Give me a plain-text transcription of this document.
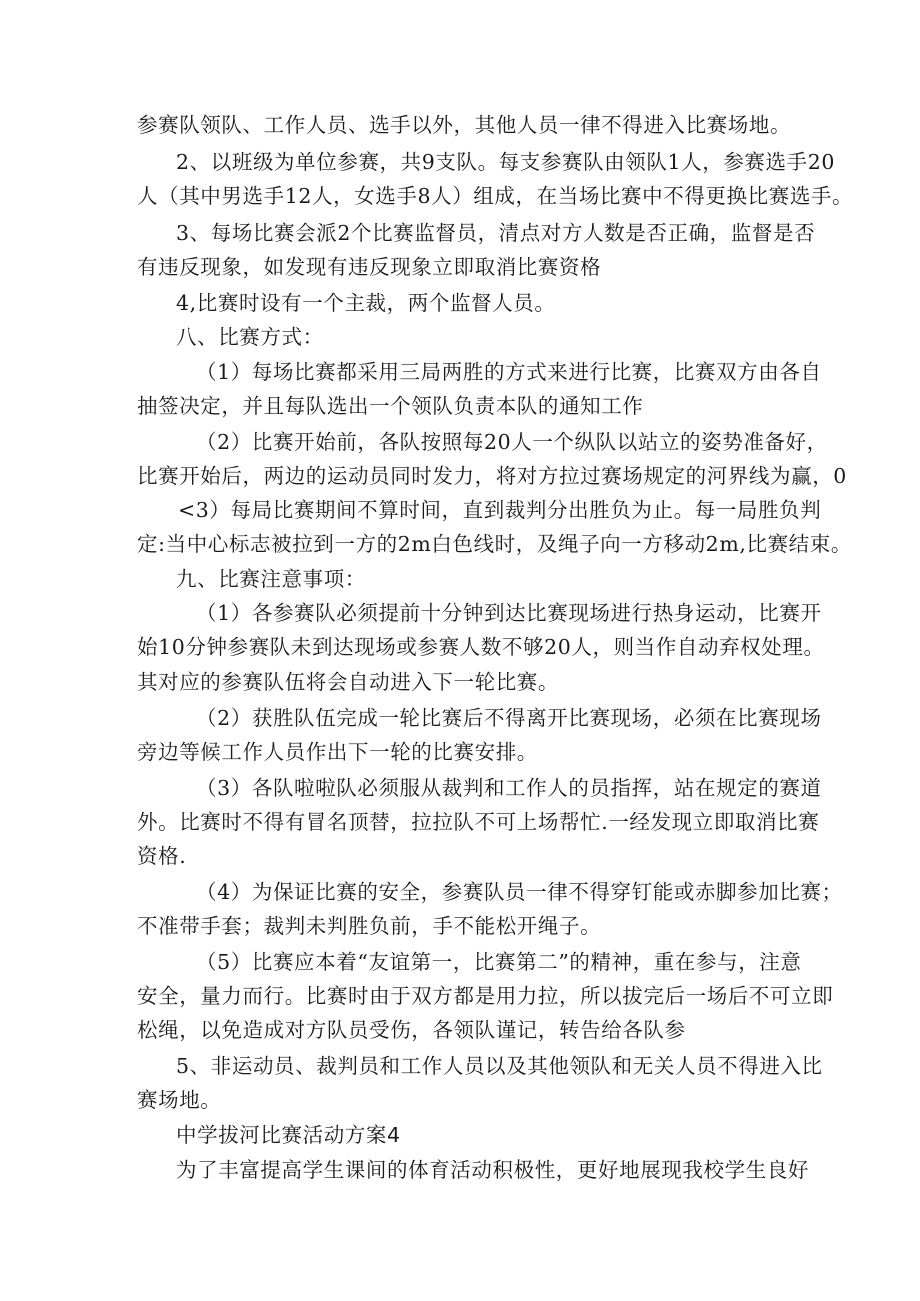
参赛队领队、工作人员、选手以外，其他人员一律不得进入比赛场地。
2、以班级为单位参赛，共9支队。每支参赛队由领队1人，参赛选手20
人（其中男选手12人，女选手8人）组成，在当场比赛中不得更换比赛选手。
3、每场比赛会派2个比赛监督员，清点对方人数是否正确，监督是否
有违反现象，如发现有违反现象立即取消比赛资格
4,比赛时设有一个主裁，两个监督人员。
八、比赛方式：
（1）每场比赛都采用三局两胜的方式来进行比赛，比赛双方由各自
抽签决定，并且每队选出一个领队负责本队的通知工作
（2）比赛开始前，各队按照每20人一个纵队以站立的姿势准备好，
比赛开始后，两边的运动员同时发力，将对方拉过赛场规定的河界线为赢，0
<3）每局比赛期间不算时间，直到裁判分出胜负为止。每一局胜负判
定:当中心标志被拉到一方的2m白色线时，及绳子向一方移动2m,比赛结束。
九、比赛注意事项：
（1）各参赛队必须提前十分钟到达比赛现场进行热身运动，比赛开
始10分钟参赛队未到达现场或参赛人数不够20人，则当作自动弃权处理。
其对应的参赛队伍将会自动进入下一轮比赛。
（2）获胜队伍完成一轮比赛后不得离开比赛现场，必须在比赛现场
旁边等候工作人员作出下一轮的比赛安排。
（3）各队啦啦队必须服从裁判和工作人的员指挥，站在规定的赛道
外。比赛时不得有冒名顶替，拉拉队不可上场帮忙.一经发现立即取消比赛
资格.
（4）为保证比赛的安全，参赛队员一律不得穿钉能或赤脚参加比赛；
不准带手套；裁判未判胜负前，手不能松开绳子。
（5）比赛应本着“友谊第一，比赛第二”的精神，重在参与，注意
安全，量力而行。比赛时由于双方都是用力拉，所以拔完后一场后不可立即
松绳，以免造成对方队员受伤，各领队谨记，转告给各队参
5、非运动员、裁判员和工作人员以及其他领队和无关人员不得进入比
赛场地。
中学拔河比赛活动方案4
为了丰富提高学生课间的体育活动积极性，更好地展现我校学生良好
